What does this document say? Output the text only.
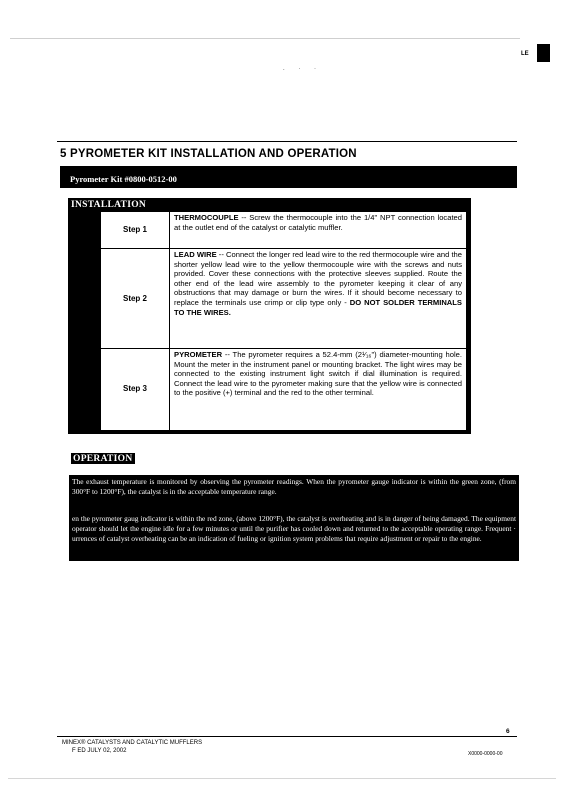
LE
. · ·
5 PYROMETER KIT INSTALLATION AND OPERATION
Pyrometer Kit #0800-0512-00
INSTALLATION
Step 1
THERMOCOUPLE -- Screw the thermocouple into the 1/4" NPT connection located at the outlet end of the catalyst or catalytic muffler.
Step 2
LEAD WIRE -- Connect the longer red lead wire to the red thermocouple wire and the shorter yellow lead wire to the yellow thermocouple wire with the screws and nuts provided. Cover these connections with the protective sleeves supplied. Route the other end of the lead wire assembly to the pyrometer keeping it clear of any obstructions that may damage or burn the wires. If it should become necessary to replace the terminals use crimp or clip type only - DO NOT SOLDER TERMINALS TO THE WIRES.
Step 3
PYROMETER -- The pyrometer requires a 52.4-mm (2¹⁄₁₆") diameter-mounting hole. Mount the meter in the instrument panel or mounting bracket. The light wires may be connected to the existing instrument light switch if dial illumination is required. Connect the lead wire to the pyrometer making sure that the yellow wire is connected to the positive (+) terminal and the red to the other terminal.
OPERATION
The exhaust temperature is monitored by observing the pyrometer readings. When the pyrometer gauge indicator is within the green zone, (from 300°F to 1200°F), the catalyst is in the acceptable temperature range.
en the pyrometer gaug indicator is within the red zone, (above 1200°F), the catalyst is overheating and is in danger of being damaged. The equipment operator should let the engine idle for a few minutes or until the purifier has cooled down and returned to the acceptable operating range. Frequent · urrences of catalyst overheating can be an indication of fueling or ignition system problems that require adjustment or repair to the engine.
6
MINEX® CATALYSTS AND CATALYTIC MUFFLERS
F ED JULY 02, 2002	X0000-0000-00
